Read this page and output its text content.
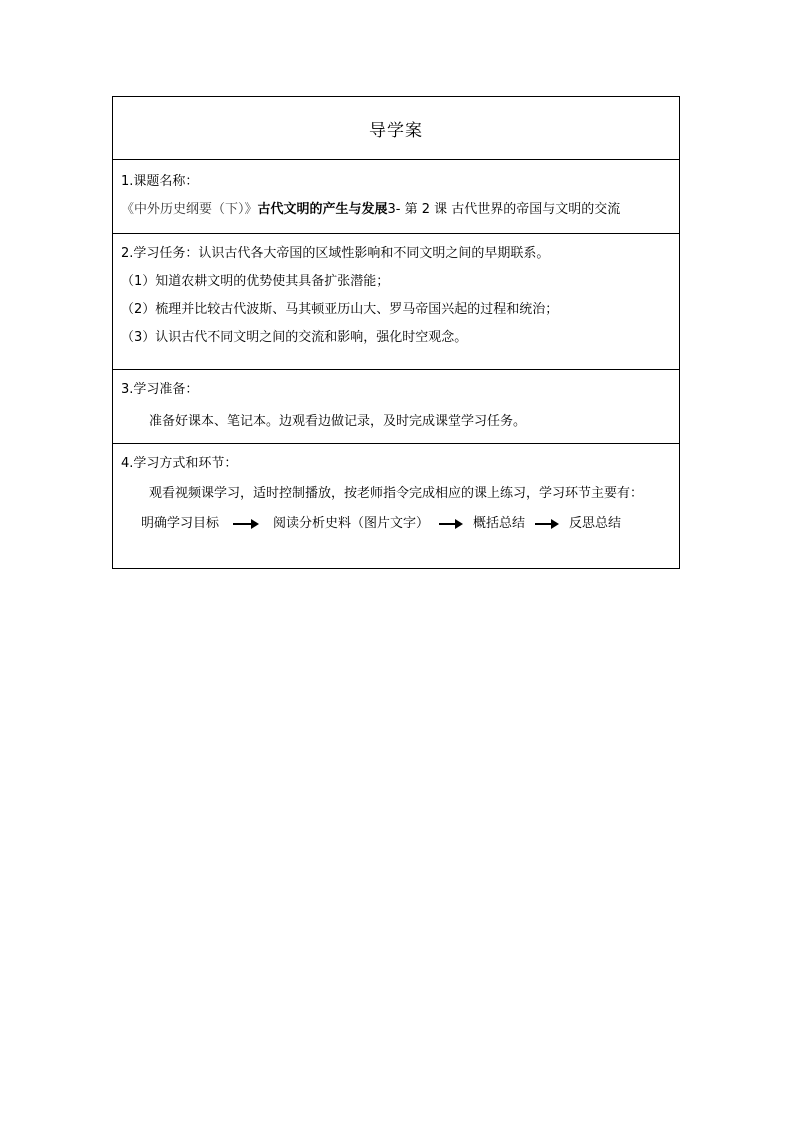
导学案
1.课题名称：
《中外历史纲要（下）》古代文明的产生与发展3- 第 2 课 古代世界的帝国与文明的交流
2.学习任务：认识古代各大帝国的区域性影响和不同文明之间的早期联系。
（1）知道农耕文明的优势使其具备扩张潜能；
（2）梳理并比较古代波斯、马其顿亚历山大、罗马帝国兴起的过程和统治；
（3）认识古代不同文明之间的交流和影响，强化时空观念。
3.学习准备：
准备好课本、笔记本。边观看边做记录，及时完成课堂学习任务。
4.学习方式和环节：
观看视频课学习，适时控制播放，按老师指令完成相应的课上练习，学习环节主要有：
明确学习目标	阅读分析史料（图片文字）	概括总结	反思总结
